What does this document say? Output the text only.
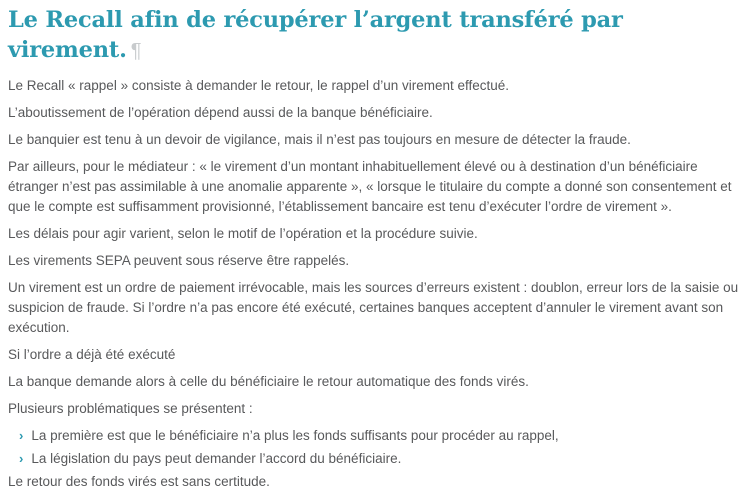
Le Recall afin de récupérer l’argent transféré par virement. ¶

Le Recall « rappel » consiste à demander le retour, le rappel d’un virement effectué.

L’aboutissement de l’opération dépend aussi de la banque bénéficiaire.

Le banquier est tenu à un devoir de vigilance, mais il n’est pas toujours en mesure de détecter la fraude.

Par ailleurs, pour le médiateur : « le virement d’un montant inhabituellement élevé ou à destination d’un bénéficiaire étranger n’est pas assimilable à une anomalie apparente », « lorsque le titulaire du compte a donné son consentement et que le compte est suffisamment provisionné, l’établissement bancaire est tenu d’exécuter l’ordre de virement ».

Les délais pour agir varient, selon le motif de l’opération et la procédure suivie.

Les virements SEPA peuvent sous réserve être rappelés.

Un virement est un ordre de paiement irrévocable, mais les sources d’erreurs existent : doublon, erreur lors de la saisie ou suspicion de fraude. Si l’ordre n’a pas encore été exécuté, certaines banques acceptent d’annuler le virement avant son exécution.

Si l’ordre a déjà été exécuté

La banque demande alors à celle du bénéficiaire le retour automatique des fonds virés.

Plusieurs problématiques se présentent :

› La première est que le bénéficiaire n’a plus les fonds suffisants pour procéder au rappel,
› La législation du pays peut demander l’accord du bénéficiaire.

Le retour des fonds virés est sans certitude.
